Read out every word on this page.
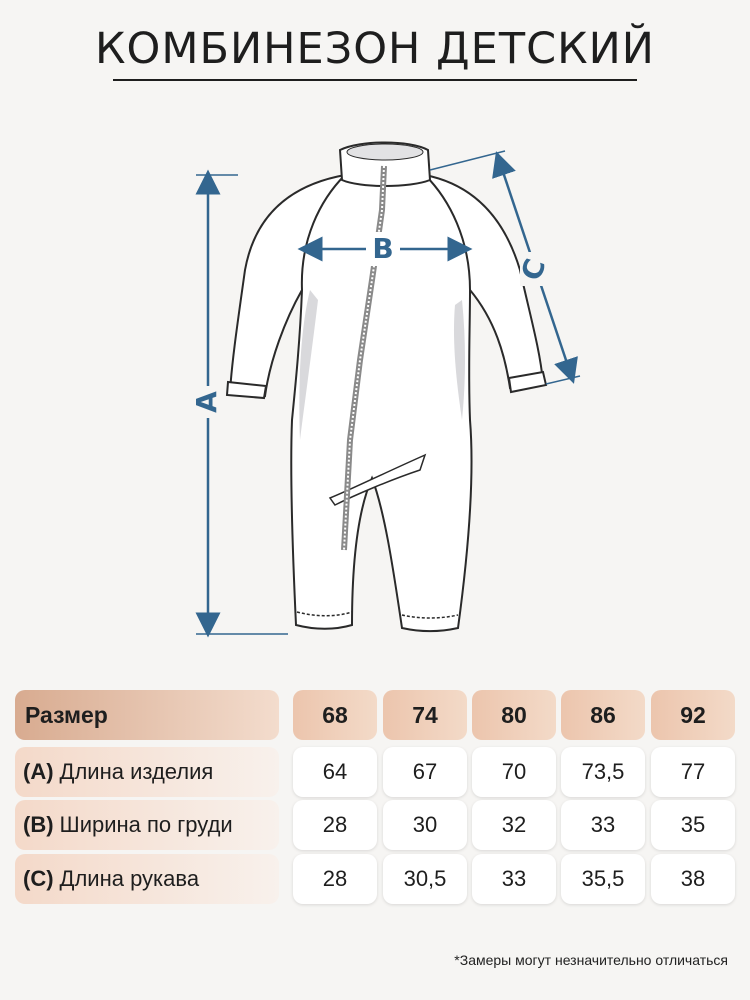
КОМБИНЕЗОН ДЕТСКИЙ
A
B
C
Размер	68	74	80	86	92
(A) Длина изделия	64	67	70	73,5	77
(B) Ширина по груди	28	30	32	33	35
(C) Длина рукава	28	30,5	33	35,5	38
*Замеры могут незначительно отличаться
